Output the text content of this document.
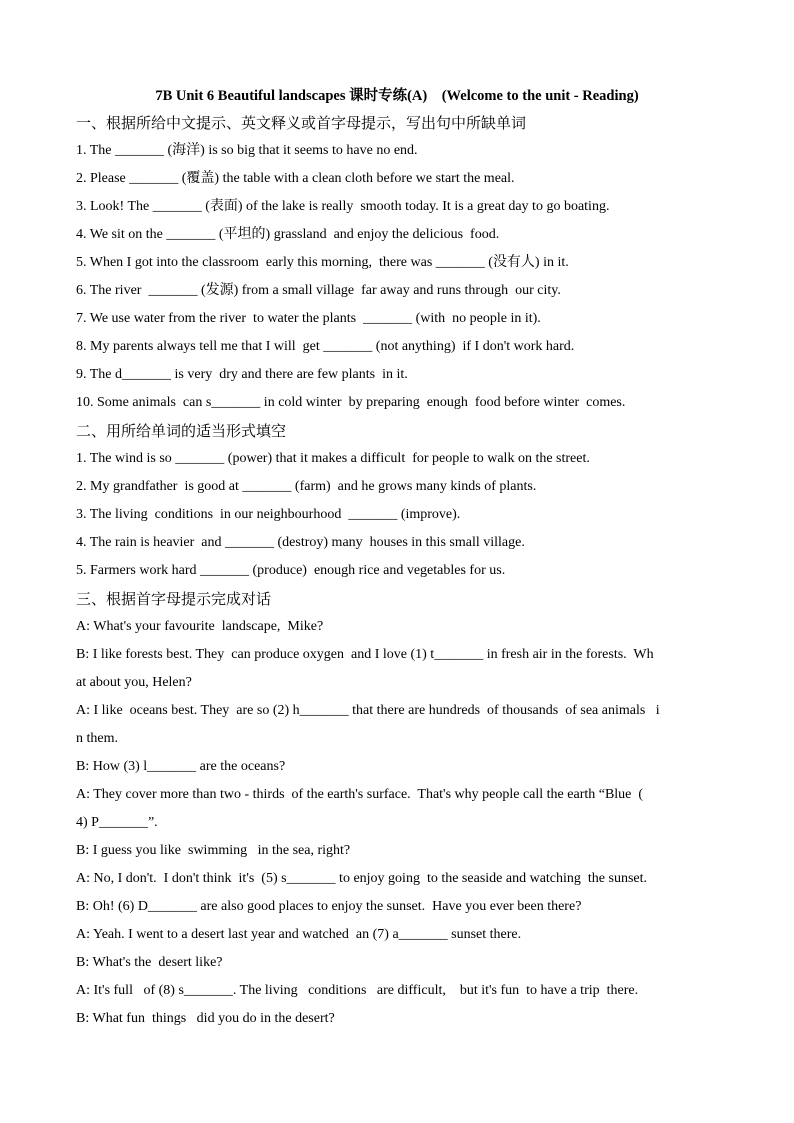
7B Unit 6 Beautiful landscapes 课时专练(A)    (Welcome to the unit - Reading)
一、根据所给中文提示、英文释义或首字母提示，写出句中所缺单词
1. The _______ (海洋) is so big that it seems to have no end.
2. Please _______ (覆盖) the table with a clean cloth before we start the meal.
3. Look! The _______ (表面) of the lake is really  smooth today. It is a great day to go boating.
4. We sit on the _______ (平坦的) grassland  and enjoy the delicious  food.
5. When I got into the classroom  early this morning,  there was _______ (没有人) in it.
6. The river  _______ (发源) from a small village  far away and runs through  our city.
7. We use water from the river  to water the plants  _______ (with  no people in it).
8. My parents always tell me that I will  get _______ (not anything)  if I don't work hard.
9. The d_______ is very  dry and there are few plants  in it.
10. Some animals  can s_______ in cold winter  by preparing  enough  food before winter  comes.
二、用所给单词的适当形式填空
1. The wind is so _______ (power) that it makes a difficult  for people to walk on the street.
2. My grandfather  is good at _______ (farm)  and he grows many kinds of plants.
3. The living  conditions  in our neighbourhood  _______ (improve).
4. The rain is heavier  and _______ (destroy) many  houses in this small village.
5. Farmers work hard _______ (produce)  enough rice and vegetables for us.
三、根据首字母提示完成对话
A: What's your favourite  landscape,  Mike?
B: I like forests best. They  can produce oxygen  and I love (1) t_______ in fresh air in the forests.  Wh
at about you, Helen?
A: I like  oceans best. They  are so (2) h_______ that there are hundreds  of thousands  of sea animals   i
n them.
B: How (3) l_______ are the oceans?
A: They cover more than two - thirds  of the earth's surface.  That's why people call the earth “Blue  (
4) P_______”.
B: I guess you like  swimming   in the sea, right?
A: No, I don't.  I don't think  it's  (5) s_______ to enjoy going  to the seaside and watching  the sunset.
B: Oh! (6) D_______ are also good places to enjoy the sunset.  Have you ever been there?
A: Yeah. I went to a desert last year and watched  an (7) a_______ sunset there.
B: What's the  desert like?
A: It's full   of (8) s_______. The living   conditions   are difficult,    but it's fun  to have a trip  there.
B: What fun  things   did you do in the desert?
